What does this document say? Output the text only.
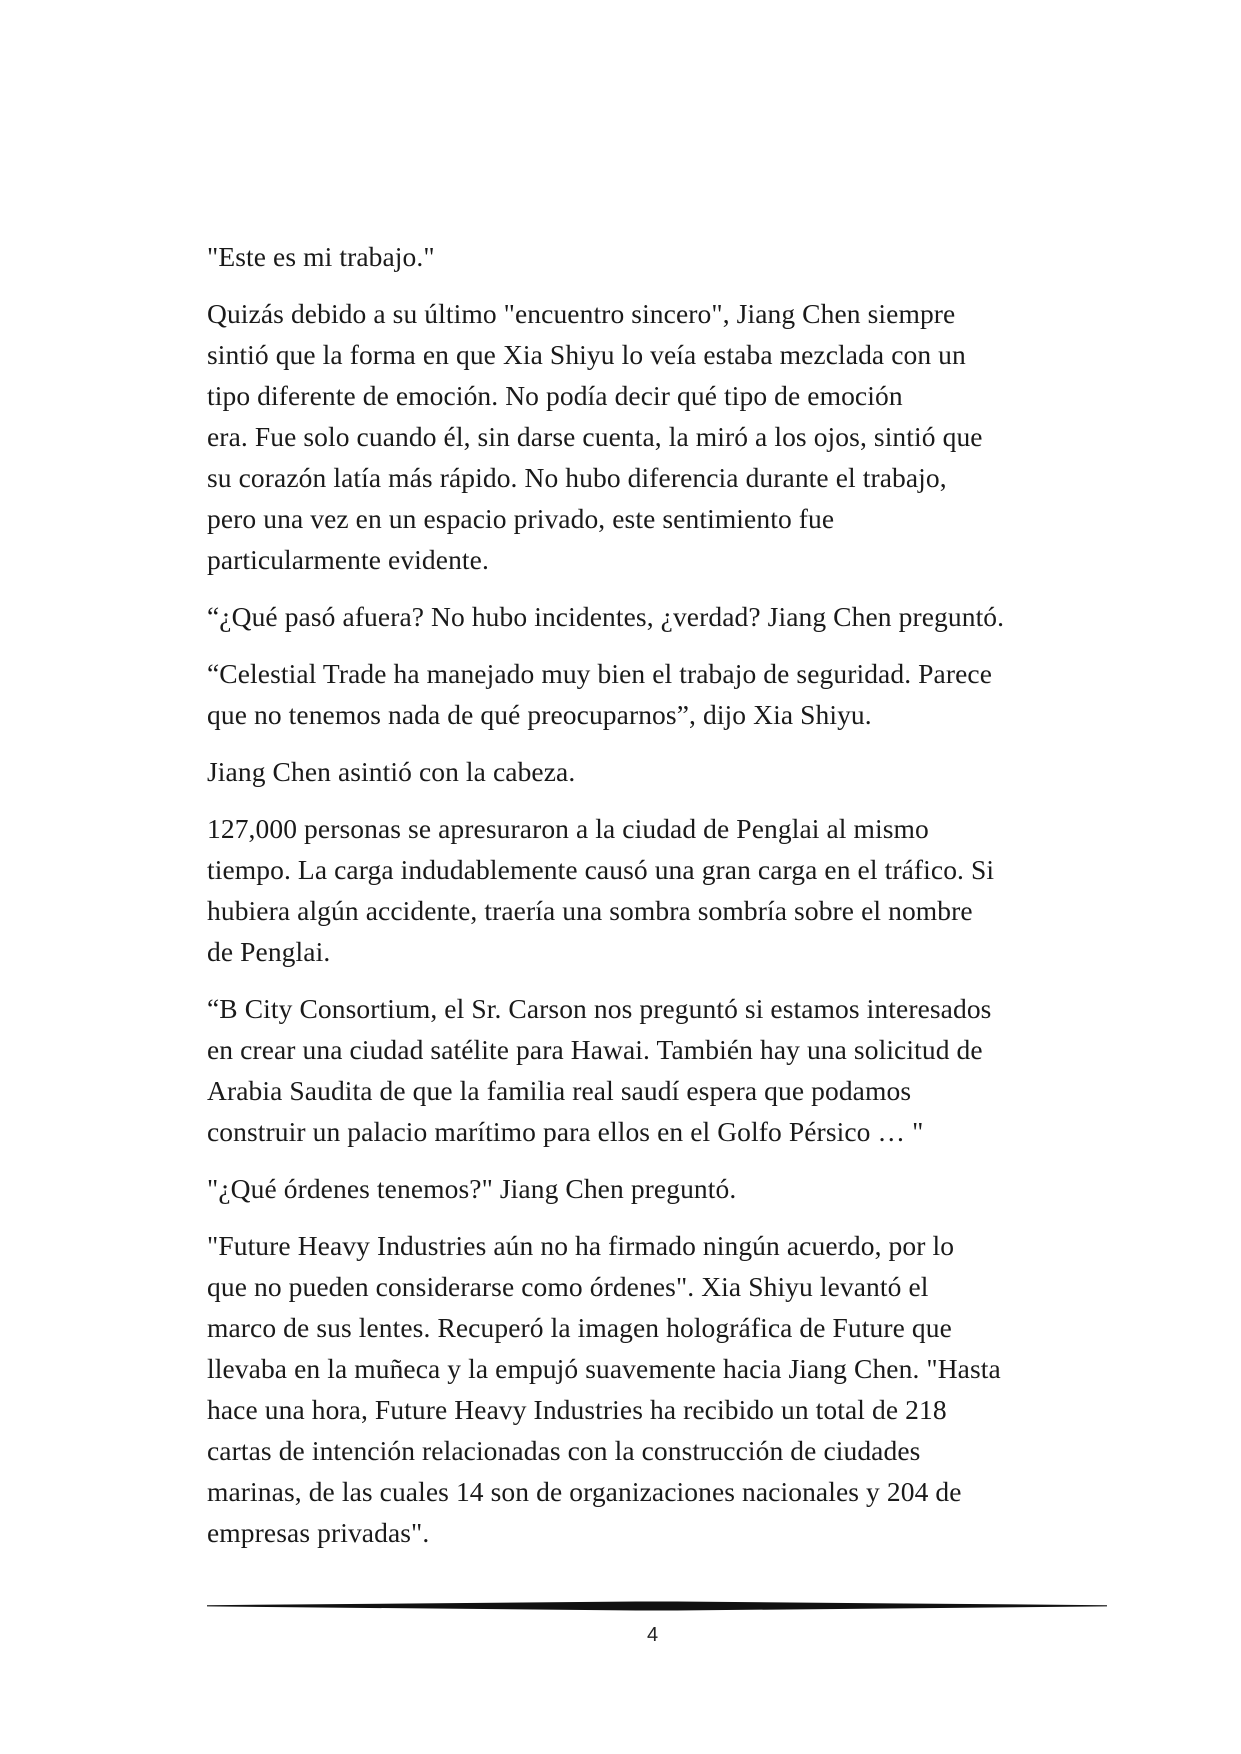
"Este es mi trabajo."

Quizás debido a su último "encuentro sincero", Jiang Chen siempre
sintió que la forma en que Xia Shiyu lo veía estaba mezclada con un
tipo diferente de emoción. No podía decir qué tipo de emoción
era. Fue solo cuando él, sin darse cuenta, la miró a los ojos, sintió que
su corazón latía más rápido. No hubo diferencia durante el trabajo,
pero una vez en un espacio privado, este sentimiento fue
particularmente evidente.

“¿Qué pasó afuera? No hubo incidentes, ¿verdad? Jiang Chen preguntó.

“Celestial Trade ha manejado muy bien el trabajo de seguridad. Parece
que no tenemos nada de qué preocuparnos”, dijo Xia Shiyu.

Jiang Chen asintió con la cabeza.

127,000 personas se apresuraron a la ciudad de Penglai al mismo
tiempo. La carga indudablemente causó una gran carga en el tráfico. Si
hubiera algún accidente, traería una sombra sombría sobre el nombre
de Penglai.

“B City Consortium, el Sr. Carson nos preguntó si estamos interesados
en crear una ciudad satélite para Hawai. También hay una solicitud de
Arabia Saudita de que la familia real saudí espera que podamos
construir un palacio marítimo para ellos en el Golfo Pérsico … "

"¿Qué órdenes tenemos?" Jiang Chen preguntó.

"Future Heavy Industries aún no ha firmado ningún acuerdo, por lo
que no pueden considerarse como órdenes". Xia Shiyu levantó el
marco de sus lentes. Recuperó la imagen holográfica de Future que
llevaba en la muñeca y la empujó suavemente hacia Jiang Chen. "Hasta
hace una hora, Future Heavy Industries ha recibido un total de 218
cartas de intención relacionadas con la construcción de ciudades
marinas, de las cuales 14 son de organizaciones nacionales y 204 de
empresas privadas".

4
